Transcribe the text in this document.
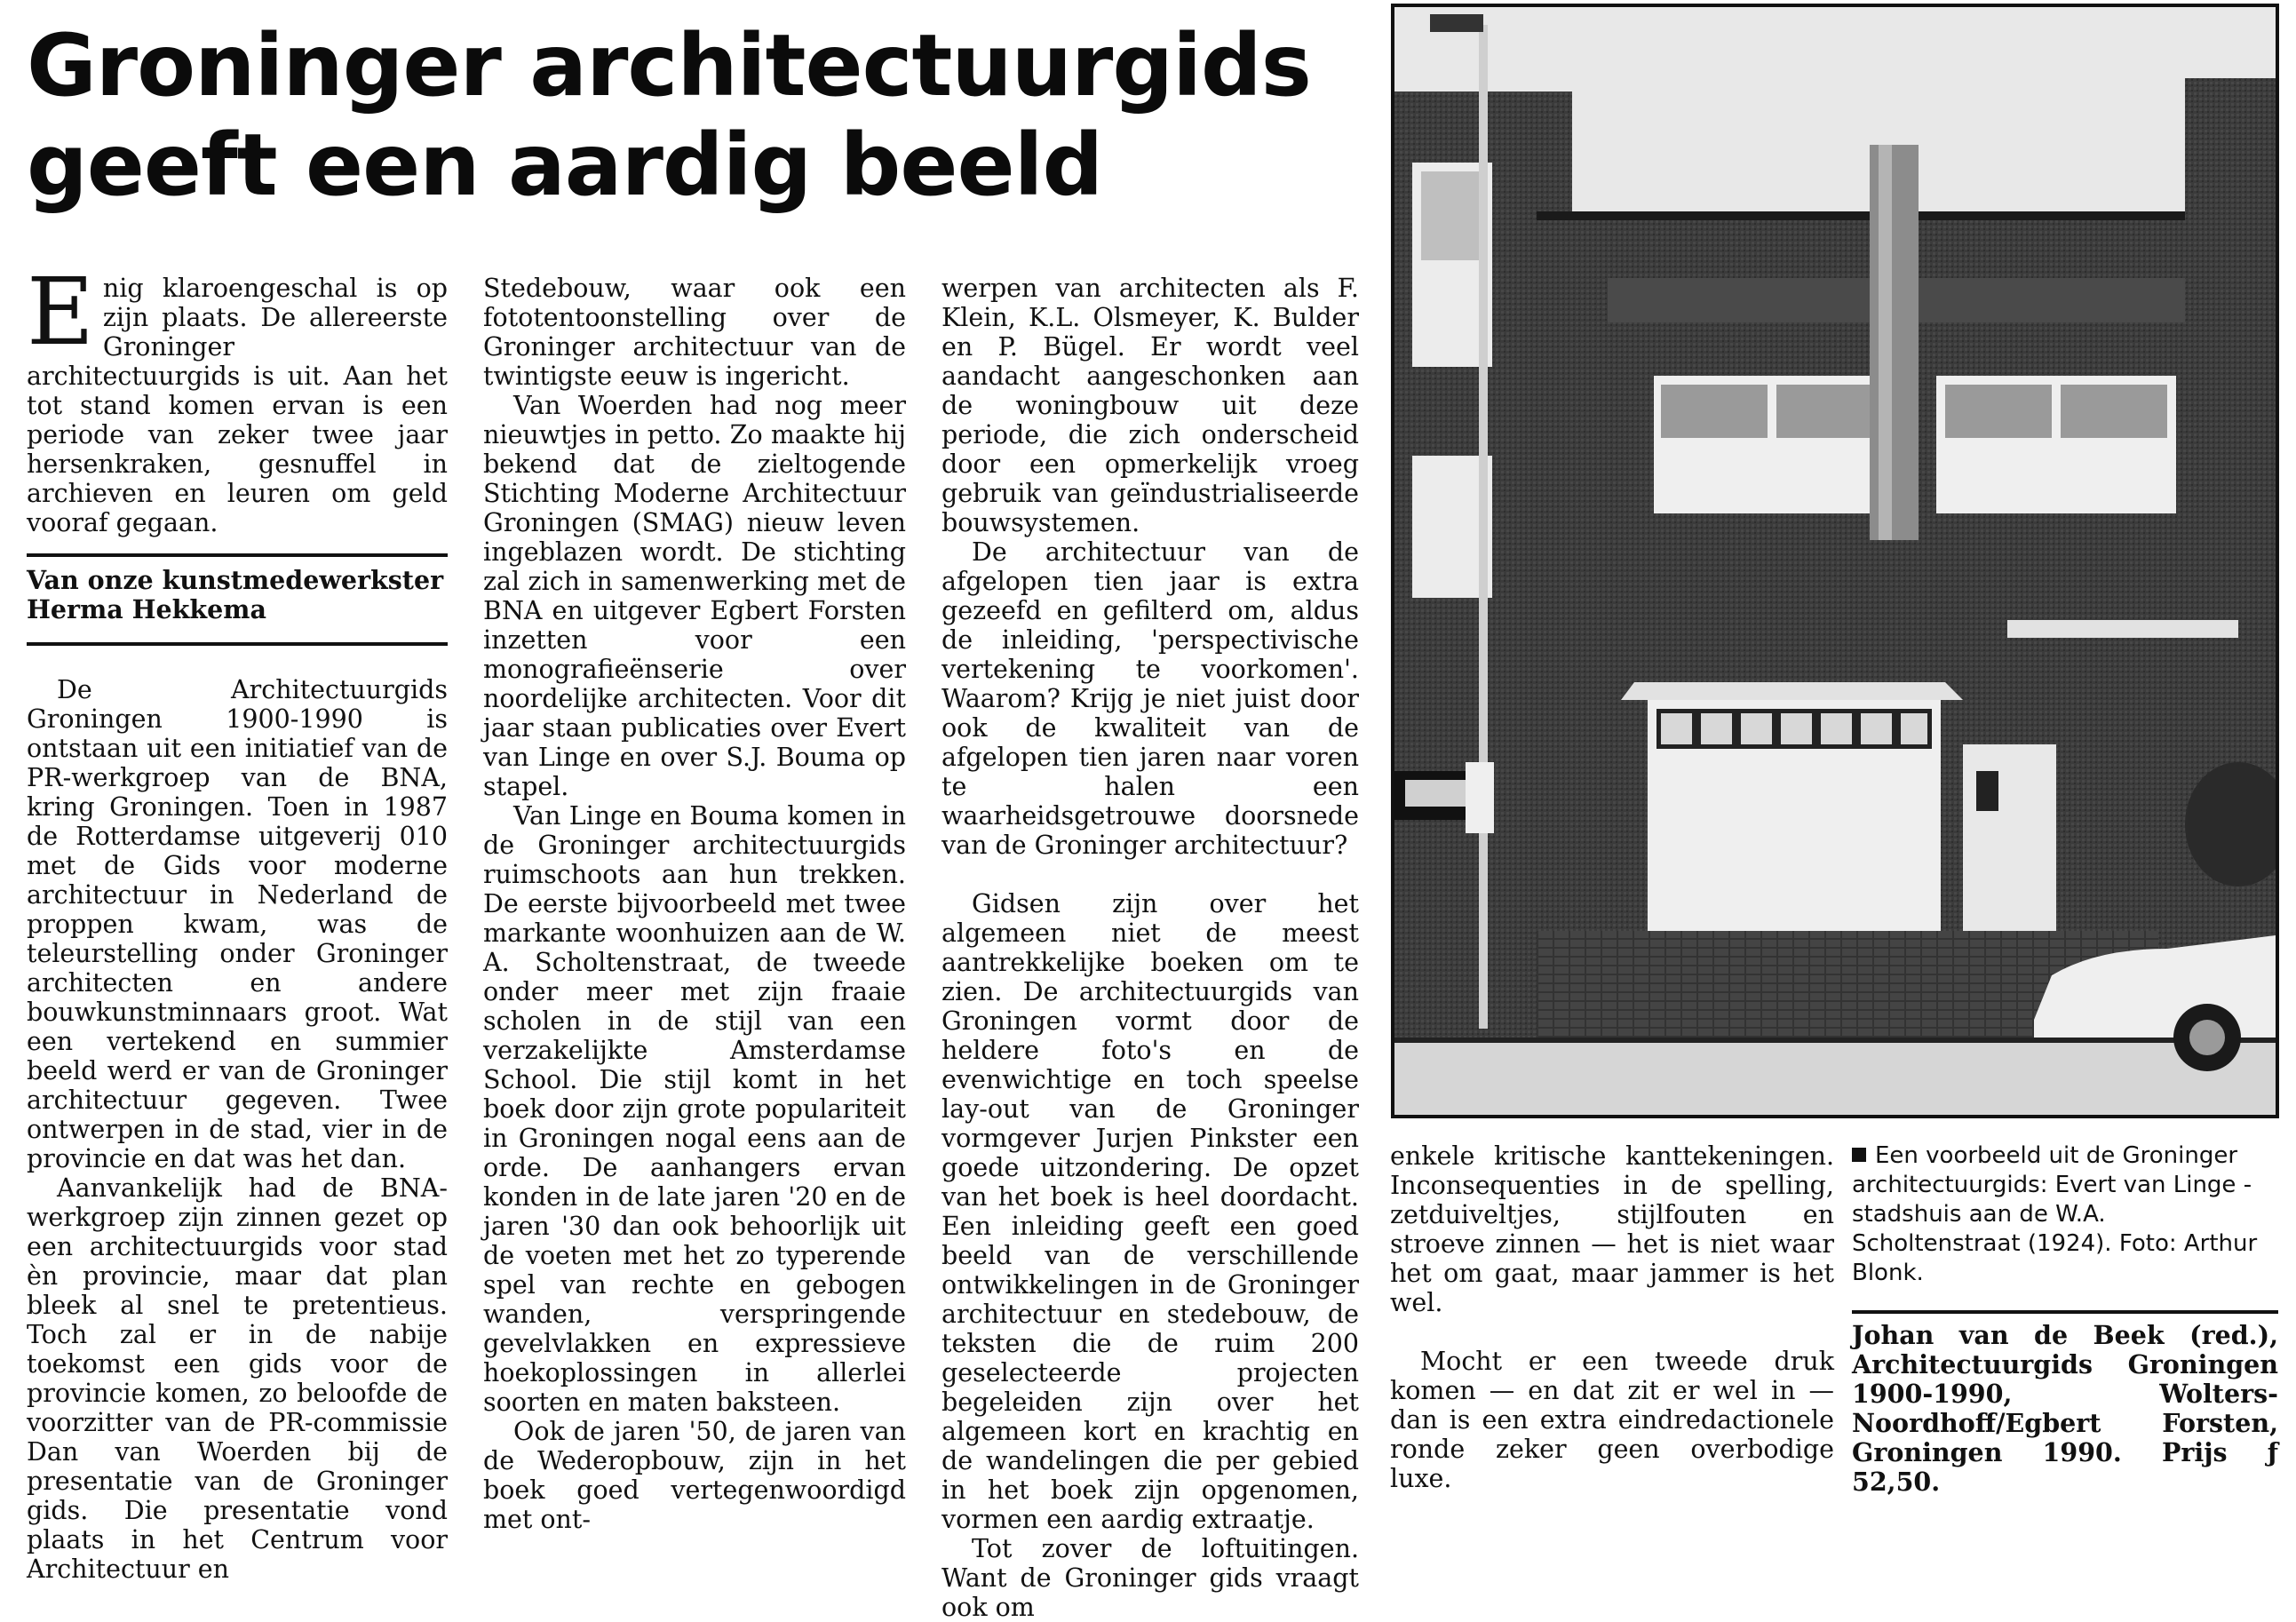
Groninger architectuurgids
geeft een aardig beeld

Enig klaroengeschal is op zijn plaats. De allereerste Groninger architectuurgids is uit. Aan het tot stand komen ervan is een periode van zeker twee jaar hersenkraken, gesnuffel in archieven en leuren om geld vooraf gegaan.

Van onze kunstmedewerkster
Herma Hekkema

De Architectuurgids Groningen 1900-1990 is ontstaan uit een initiatief van de PR-werkgroep van de BNA, kring Groningen. Toen in 1987 de Rotterdamse uitgeverij 010 met de Gids voor moderne architectuur in Nederland de proppen kwam, was de teleurstelling onder Groninger architecten en andere bouwkunstminnaars groot. Wat een vertekend en summier beeld werd er van de Groninger architectuur gegeven. Twee ontwerpen in de stad, vier in de provincie en dat was het dan.

Aanvankelijk had de BNA-werkgroep zijn zinnen gezet op een architectuurgids voor stad èn provincie, maar dat plan bleek al snel te pretentieus. Toch zal er in de nabije toekomst een gids voor de provincie komen, zo beloofde de voorzitter van de PR-commissie Dan van Woerden bij de presentatie van de Groninger gids. Die presentatie vond plaats in het Centrum voor Architectuur en

Stedebouw, waar ook een fototentoonstelling over de Groninger architectuur van de twintigste eeuw is ingericht.

Van Woerden had nog meer nieuwtjes in petto. Zo maakte hij bekend dat de zieltogende Stichting Moderne Architectuur Groningen (SMAG) nieuw leven ingeblazen wordt. De stichting zal zich in samenwerking met de BNA en uitgever Egbert Forsten inzetten voor een monografieënserie over noordelijke architecten. Voor dit jaar staan publicaties over Evert van Linge en over S.J. Bouma op stapel.

Van Linge en Bouma komen in de Groninger architectuurgids ruimschoots aan hun trekken. De eerste bijvoorbeeld met twee markante woonhuizen aan de W. A. Scholtenstraat, de tweede onder meer met zijn fraaie scholen in de stijl van een verzakelijkte Amsterdamse School. Die stijl komt in het boek door zijn grote populariteit in Groningen nogal eens aan de orde. De aanhangers ervan konden in de late jaren '20 en de jaren '30 dan ook behoorlijk uit de voeten met het zo typerende spel van rechte en gebogen wanden, verspringende gevelvlakken en expressieve hoekoplossingen in allerlei soorten en maten baksteen.

Ook de jaren '50, de jaren van de Wederopbouw, zijn in het boek goed vertegenwoordigd met ont-

werpen van architecten als F. Klein, K.L. Olsmeyer, K. Bulder en P. Bügel. Er wordt veel aandacht aangeschonken aan de woningbouw uit deze periode, die zich onderscheid door een opmerkelijk vroeg gebruik van geïndustrialiseerde bouwsystemen.

De architectuur van de afgelopen tien jaar is extra gezeefd en gefilterd om, aldus de inleiding, 'perspectivische vertekening te voorkomen'. Waarom? Krijg je niet juist door ook de kwaliteit van de afgelopen tien jaren naar voren te halen een waarheidsgetrouwe doorsnede van de Groninger architectuur?

Gidsen zijn over het algemeen niet de meest aantrekkelijke boeken om te zien. De architectuurgids van Groningen vormt door de heldere foto's en de evenwichtige en toch speelse lay-out van de Groninger vormgever Jurjen Pinkster een goede uitzondering. De opzet van het boek is heel doordacht. Een inleiding geeft een goed beeld van de verschillende ontwikkelingen in de Groninger architectuur en stedebouw, de teksten die de ruim 200 geselecteerde projecten begeleiden zijn over het algemeen kort en krachtig en de wandelingen die per gebied in het boek zijn opgenomen, vormen een aardig extraatje.

Tot zover de loftuitingen. Want de Groninger gids vraagt ook om

enkele kritische kanttekeningen. Inconsequenties in de spelling, zetduiveltjes, stijlfouten en stroeve zinnen — het is niet waar het om gaat, maar jammer is het wel.

Mocht er een tweede druk komen — en dat zit er wel in — dan is een extra eindredactionele ronde zeker geen overbodige luxe.

Een voorbeeld uit de Groninger architectuurgids: Evert van Linge - stadshuis aan de W.A. Scholtenstraat (1924). Foto: Arthur Blonk.
Johan van de Beek (red.), Architectuurgids Groningen 1900-1990, Wolters-Noordhoff/Egbert Forsten, Groningen 1990. Prijs ƒ 52,50.
